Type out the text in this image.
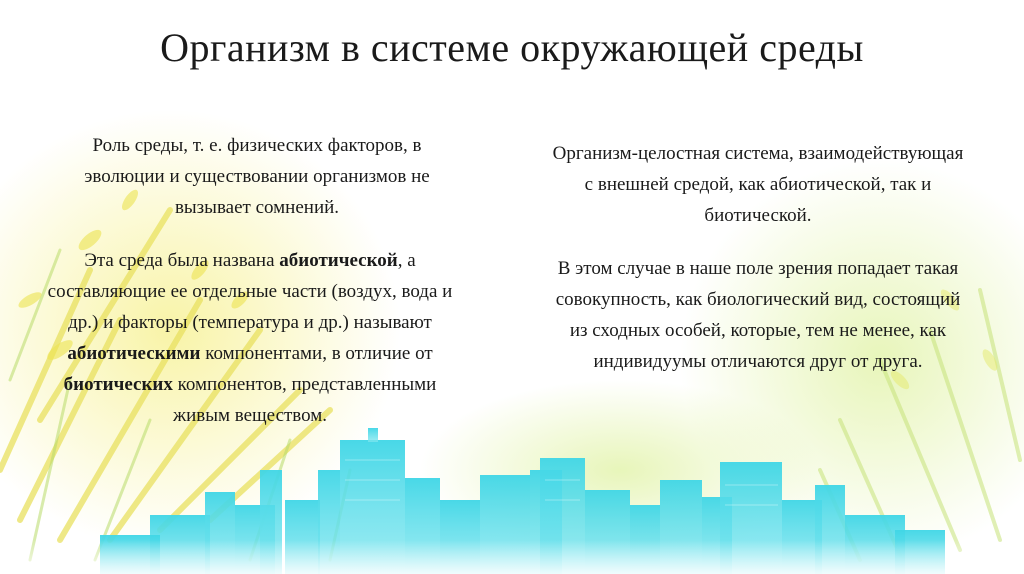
Организм в системе окружающей среды

Роль среды, т. е. физических факторов, в эволюции и существовании организмов не вызывает сомнений.

Эта среда была названа абиотической, а составляющие ее отдельные части (воздух, вода и др.) и факторы (температура и др.) называют абиотическими компонентами, в отличие от биотических компонентов, представленными живым веществом.

Организм-целостная система, взаимодействующая с внешней средой, как абиотической, так и биотической.

В этом случае в наше поле зрения попадает такая совокупность, как биологический вид, состоящий из сходных особей, которые, тем не менее, как индивидуумы отличаются друг от друга.
